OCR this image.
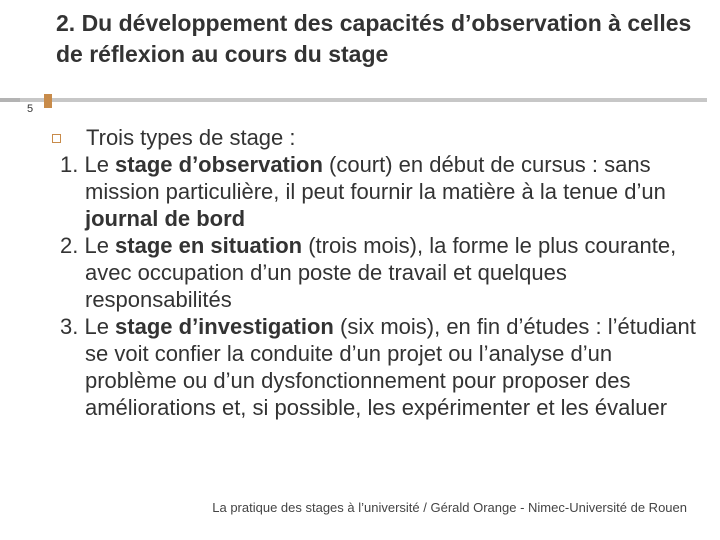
5
2. Du développement des capacités d’observation à celles de réflexion au cours du stage
Trois types de stage :
1. Le stage d’observation (court) en début de cursus : sans mission particulière, il peut fournir la matière à la tenue d’un journal de bord
2. Le stage en situation (trois mois), la forme le plus courante, avec occupation d’un poste de travail et quelques responsabilités
3. Le stage d’investigation (six mois), en fin d’études : l’étudiant se voit confier la conduite d’un projet ou l’analyse d’un problème ou d’un dysfonctionnement pour proposer des améliorations et, si possible, les expérimenter et les évaluer
La pratique des stages à l’université / Gérald Orange - Nimec-Université de Rouen
